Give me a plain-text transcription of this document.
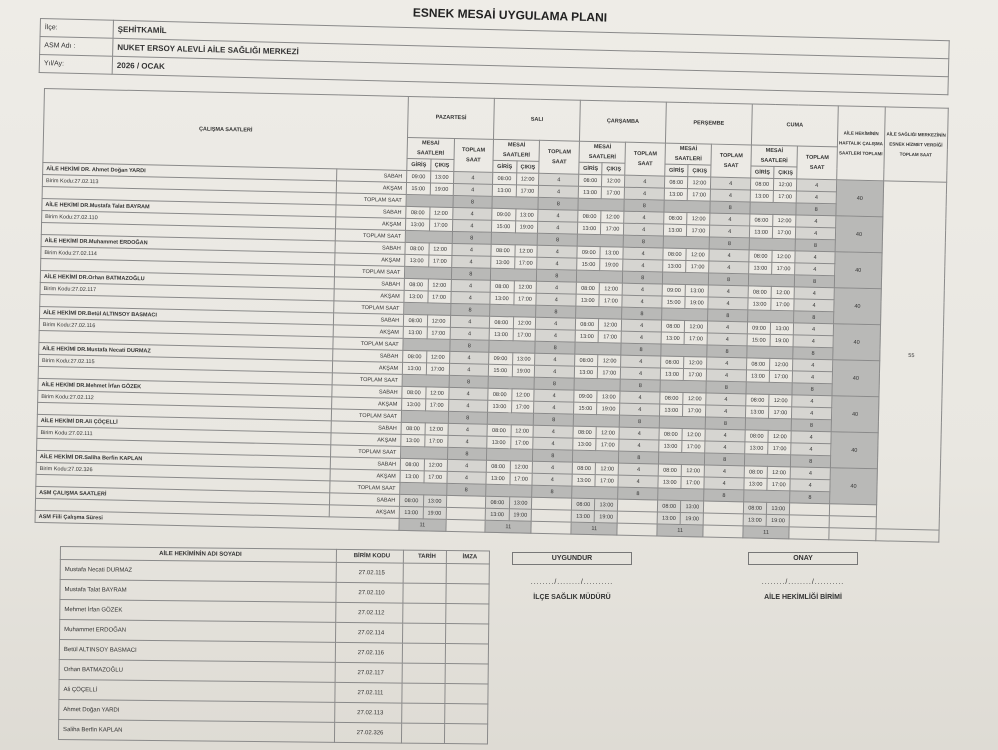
ESNEK MESAİ UYGULAMA PLANI
İlçe:	ŞEHİTKAMİL
ASM Adı :	NUKET ERSOY ALEVLİ AİLE SAĞLIĞI MERKEZİ
Yıl/Ay:	2026 / OCAK
ÇALIŞMA SAATLERİ		PAZARTESİ			SALI			ÇARŞAMBA			PERŞEMBE			CUMA			AİLE HEKİMİNİN HAFTALIK ÇALIŞMA SAATLERİ TOPLAMI	AİLE SAĞLIĞI MERKEZİNİN ESNEK HİZMET VERDİĞİ TOPLAM SAAT
		MESAİ SAATLERİ		TOPLAM SAAT	MESAİ SAATLERİ		TOPLAM SAAT	MESAİ SAATLERİ		TOPLAM SAAT	MESAİ SAATLERİ		TOPLAM SAAT	MESAİ SAATLERİ		TOPLAM SAAT		
		GİRİŞ	ÇIKIŞ		GİRİŞ	ÇIKIŞ		GİRİŞ	ÇIKIŞ		GİRİŞ	ÇIKIŞ		GİRİŞ	ÇIKIŞ			
AİLE HEKİMİ DR. Ahmet Doğan YARDI	SABAH	09:00	13:00	4	08:00	12:00	4	08:00	12:00	4	08:00	12:00	4	08:00	12:00	4	40	55
Birim Kodu:27.02.113	AKŞAM	15:00	19:00	4	13:00	17:00	4	13:00	17:00	4	13:00	17:00	4	13:00	17:00	4		
	TOPLAM SAAT			8			8			8			8			8		
AİLE HEKİMİ DR.Mustafa Talat BAYRAM	SABAH	08:00	12:00	4	09:00	13:00	4	08:00	12:00	4	08:00	12:00	4	08:00	12:00	4	40	
Birim Kodu:27.02.110	AKŞAM	13:00	17:00	4	15:00	19:00	4	13:00	17:00	4	13:00	17:00	4	13:00	17:00	4		
	TOPLAM SAAT			8			8			8			8			8		
AİLE HEKİMİ DR.Muhammet ERDOĞAN	SABAH	08:00	12:00	4	08:00	12:00	4	09:00	13:00	4	08:00	12:00	4	08:00	12:00	4	40	
Birim Kodu:27.02.114	AKŞAM	13:00	17:00	4	13:00	17:00	4	15:00	19:00	4	13:00	17:00	4	13:00	17:00	4		
	TOPLAM SAAT			8			8			8			8			8		
AİLE HEKİMİ DR.Orhan BATMAZOĞLU	SABAH	08:00	12:00	4	08:00	12:00	4	08:00	12:00	4	09:00	13:00	4	08:00	12:00	4	40	
Birim Kodu:27.02.117	AKŞAM	13:00	17:00	4	13:00	17:00	4	13:00	17:00	4	15:00	19:00	4	13:00	17:00	4		
	TOPLAM SAAT			8			8			8			8			8		
AİLE HEKİMİ DR.Betül ALTINSOY BASMACI	SABAH	08:00	12:00	4	08:00	12:00	4	08:00	12:00	4	08:00	12:00	4	09:00	13:00	4	40	
Birim Kodu:27.02.116	AKŞAM	13:00	17:00	4	13:00	17:00	4	13:00	17:00	4	13:00	17:00	4	15:00	19:00	4		
	TOPLAM SAAT			8			8			8			8			8		
AİLE HEKİMİ DR.Mustafa Necati DURMAZ	SABAH	08:00	12:00	4	09:00	13:00	4	08:00	12:00	4	08:00	12:00	4	08:00	12:00	4	40	
Birim Kodu:27.02.115	AKŞAM	13:00	17:00	4	15:00	19:00	4	13:00	17:00	4	13:00	17:00	4	13:00	17:00	4		
	TOPLAM SAAT			8			8			8			8			8		
AİLE HEKİMİ DR.Mehmet İrfan GÖZEK	SABAH	08:00	12:00	4	08:00	12:00	4	09:00	13:00	4	08:00	12:00	4	08:00	12:00	4	40	
Birim Kodu:27.02.112	AKŞAM	13:00	17:00	4	13:00	17:00	4	15:00	19:00	4	13:00	17:00	4	13:00	17:00	4		
	TOPLAM SAAT			8			8			8			8			8		
AİLE HEKİMİ DR.Ali ÇÖÇELLİ	SABAH	08:00	12:00	4	08:00	12:00	4	08:00	12:00	4	08:00	12:00	4	08:00	12:00	4	40	
Birim Kodu:27.02.111	AKŞAM	13:00	17:00	4	13:00	17:00	4	13:00	17:00	4	13:00	17:00	4	13:00	17:00	4		
	TOPLAM SAAT			8			8			8			8			8		
AİLE HEKİMİ DR.Saliha Berfin KAPLAN	SABAH	08:00	12:00	4	08:00	12:00	4	08:00	12:00	4	08:00	12:00	4	08:00	12:00	4	40	
Birim Kodu:27.02.326	AKŞAM	13:00	17:00	4	13:00	17:00	4	13:00	17:00	4	13:00	17:00	4	13:00	17:00	4		
	TOPLAM SAAT			8			8			8			8			8		
ASM ÇALIŞMA SAATLERİ	SABAH	08:00	13:00		08:00	13:00		08:00	13:00		08:00	13:00		08:00	13:00			
	AKŞAM	13:00	19:00		13:00	19:00		13:00	19:00		13:00	19:00		13:00	19:00			
ASM Fiili Çalışma Süresi		11			11			11			11			11				
AİLE HEKİMİNİN ADI SOYADI	BİRİM KODU	TARİH	İMZA
Mustafa Necati DURMAZ	27.02.115		
Mustafa Talat BAYRAM	27.02.110		
Mehmet İrfan GÖZEK	27.02.112		
Muhammet ERDOĞAN	27.02.114		
Betül ALTINSOY BASMACI	27.02.116		
Orhan BATMAZOĞLU	27.02.117		
Ali ÇÖÇELLİ	27.02.111		
Ahmet Doğan YARDI	27.02.113		
Saliha Berfin KAPLAN	27.02.326		
UYGUNDUR
......../......../..........
İLÇE SAĞLIK MÜDÜRÜ
ONAY
......../......../..........
AİLE HEKİMLİĞİ BİRİMİ
